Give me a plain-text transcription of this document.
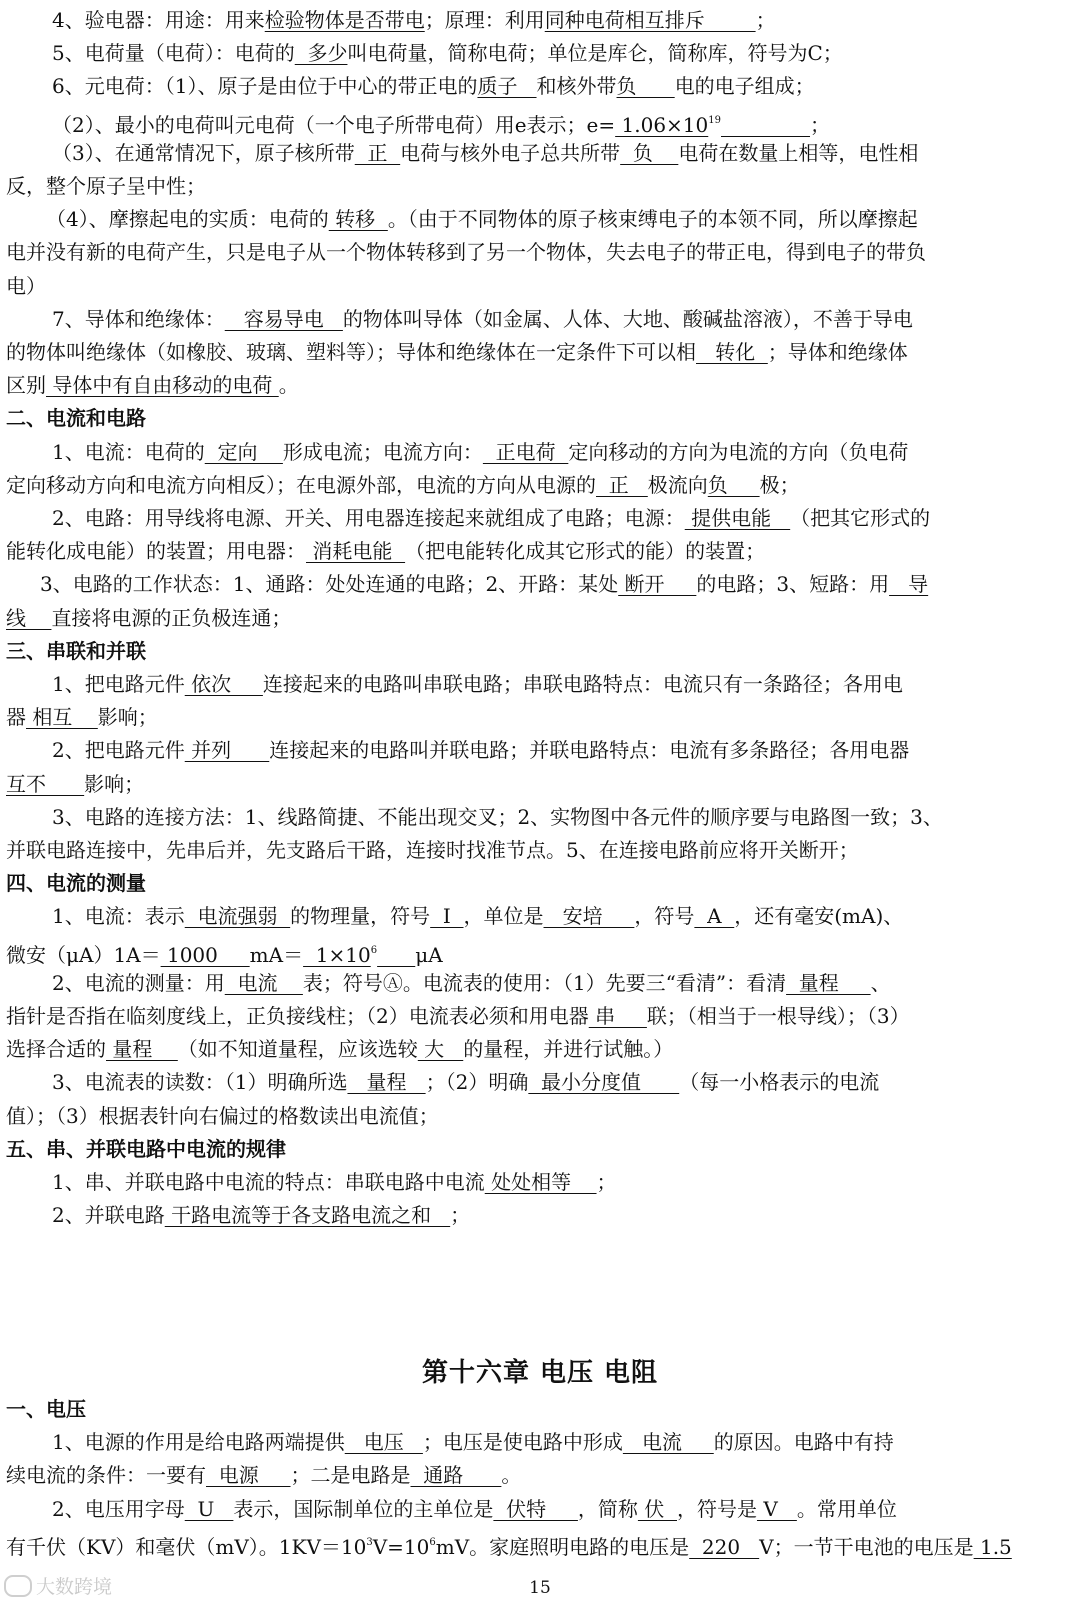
4、验电器：用途：用来检验物体是否带电；原理：利用同种电荷相互排斥        ；
5、电荷量（电荷）：电荷的  多少叫电荷量，简称电荷；单位是库仑，简称库，符号为C；
6、元电荷：（1）、原子是由位于中心的带正电的质子   和核外带负      电的电子组成；
（2）、最小的电荷叫元电荷（一个电子所带电荷）用e表示；$e= 1.06\times 10^{19}$	；
（3）、在通常情况下，原子核所带  正  电荷与核外电子总共所带  负    电荷在数量上相等，电性相
反，整个原子呈中性；
（4）、摩擦起电的实质：电荷的 转移  。（由于不同物体的原子核束缚电子的本领不同，所以摩擦起
电并没有新的电荷产生，只是电子从一个物体转移到了另一个物体，失去电子的带正电，得到电子的带负
电）
7、导体和绝缘体：   容易导电   的物体叫导体（如金属、人体、大地、酸碱盐溶液），不善于导电
的物体叫绝缘体（如橡胶、玻璃、塑料等）；导体和绝缘体在一定条件下可以相   转化  ；导体和绝缘体
区别 导体中有自由移动的电荷 。
二、电流和电路
1、电流：电荷的  定向    形成电流；电流方向：  正电荷  定向移动的方向为电流的方向（负电荷
定向移动方向和电流方向相反）；在电源外部，电流的方向从电源的  正   极流向负     极；
2、电路：用导线将电源、开关、用电器连接起来就组成了电路；电源： 提供电能   （把其它形式的
能转化成电能）的装置；用电器： 消耗电能  （把电能转化成其它形式的能）的装置；
3、电路的工作状态：1、通路：处处连通的电路；2、开路：某处 断开     的电路；3、短路：用   导
线    直接将电源的正负极连通；
三、串联和并联
1、把电路元件 依次     连接起来的电路叫串联电路；串联电路特点：电流只有一条路径；各用电
器 相互    影响；
2、把电路元件 并列      连接起来的电路叫并联电路；并联电路特点：电流有多条路径；各用电器
互不      影响；
3、电路的连接方法：1、线路简捷、不能出现交叉；2、实物图中各元件的顺序要与电路图一致；3、
并联电路连接中，先串后并，先支路后干路，连接时找准节点。5、在连接电路前应将开关断开；
四、电流的测量
1、电流：表示  电流强弱  的物理量，符号  I  ，单位是   安培     ，符号  A  ，还有毫安(mA)、
微安（μA）1A＝ 1000     $mA= 1\times 10^6$ μA
2、电流的测量：用  电流    表；符号Ⓐ。电流表的使用：（1）先要三“看清”：看清  量程     、
指针是否指在临刻度线上，正负接线柱；（2）电流表必须和用电器 串     联；（相当于一根导线）；（3）
选择合适的 量程    （如不知道量程，应该选较 大   的量程，并进行试触。）
3、电流表的读数：（1）明确所选   量程   ；（2）明确  最小分度值      （每一小格表示的电流
值）；（3）根据表针向右偏过的格数读出电流值；
五、串、并联电路中电流的规律
1、串、并联电路中电流的特点：串联电路中电流 处处相等    ；
2、并联电路 干路电流等于各支路电流之和   ；
第十六章 电压 电阻
一、电压
1、电源的作用是给电路两端提供   电压   ；电压是使电路中形成   电流     的原因。电路中有持
续电流的条件：一要有  电源     ；二是电路是  通路      。
2、电压用字母  U   表示，国际制单位的主单位是  伏特     ，简称 伏  ，符号是 V   。常用单位
有千伏（KV）和毫伏（mV）。$1KV=10^3V=10^6mV$。家庭照明电路的电压是  220   V；一节干电池的电压是 1.5
大数跨境	15
